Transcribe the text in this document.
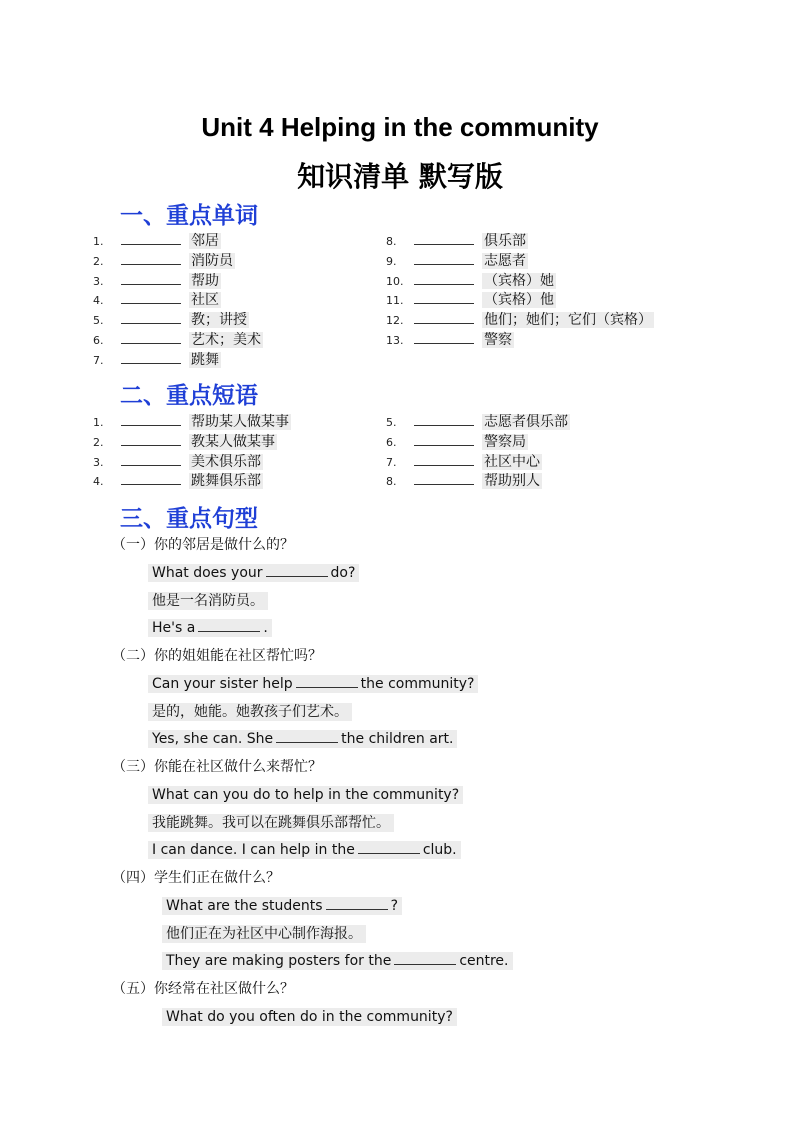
Unit 4 Helping in the community
知识清单 默写版
一、重点单词
1.	邻居
2.	消防员
3.	帮助
4.	社区
5.	教；讲授
6.	艺术；美术
7.	跳舞
8.	俱乐部
9.	志愿者
10.	（宾格）她
11.	（宾格）他
12.	他们；她们；它们（宾格）
13.	警察
二、重点短语
1.	帮助某人做某事
2.	教某人做某事
3.	美术俱乐部
4.	跳舞俱乐部
5.	志愿者俱乐部
6.	警察局
7.	社区中心
8.	帮助别人
三、重点句型
（一）你的邻居是做什么的？
What does your	do?
他是一名消防员。
He's a	.
（二）你的姐姐能在社区帮忙吗？
Can your sister help	the community?
是的，她能。她教孩子们艺术。
Yes, she can. She	the children art.
（三）你能在社区做什么来帮忙？
What can you do to help in the community?
我能跳舞。我可以在跳舞俱乐部帮忙。
I can dance. I can help in the	club.
（四）学生们正在做什么？
What are the students	?
他们正在为社区中心制作海报。
They are making posters for the	centre.
（五）你经常在社区做什么？
What do you often do in the community?
